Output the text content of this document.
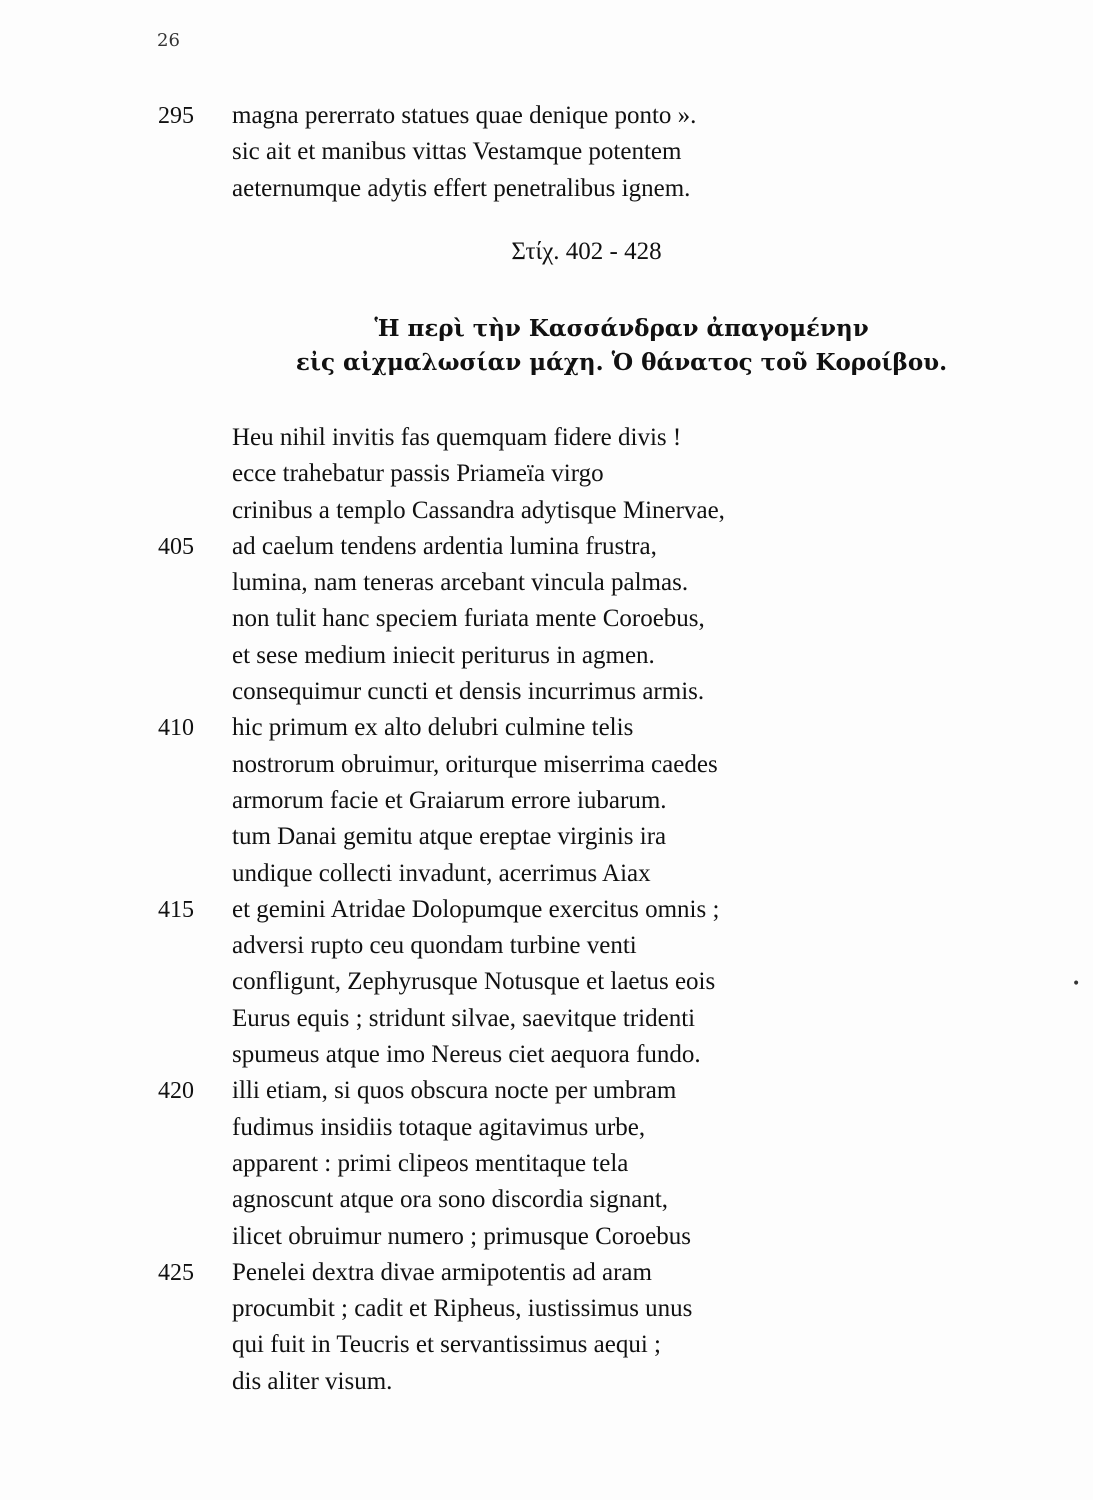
26
295	magna pererrato statues quae denique ponto ».
sic ait et manibus vittas Vestamque potentem
aeternumque adytis effert penetralibus ignem.
Στίχ. 402 - 428
Ἡ περὶ τὴν Κασσάνδραν ἀπαγομένην
εἰς αἰχμαλωσίαν μάχη. Ὁ θάνατος τοῦ Κοροίβου.
Heu nihil invitis fas quemquam fidere divis !
ecce trahebatur passis Priameïa virgo
crinibus a templo Cassandra adytisque Minervae,
405	ad caelum tendens ardentia lumina frustra,
lumina, nam teneras arcebant vincula palmas.
non tulit hanc speciem furiata mente Coroebus,
et sese medium iniecit periturus in agmen.
consequimur cuncti et densis incurrimus armis.
410	hic primum ex alto delubri culmine telis
nostrorum obruimur, oriturque miserrima caedes
armorum facie et Graiarum errore iubarum.
tum Danai gemitu atque ereptae virginis ira
undique collecti invadunt, acerrimus Aiax
415	et gemini Atridae Dolopumque exercitus omnis ;
adversi rupto ceu quondam turbine venti
confligunt, Zephyrusque Notusque et laetus eois
Eurus equis ; stridunt silvae, saevitque tridenti
spumeus atque imo Nereus ciet aequora fundo.
420	illi etiam, si quos obscura nocte per umbram
fudimus insidiis totaque agitavimus urbe,
apparent : primi clipeos mentitaque tela
agnoscunt atque ora sono discordia signant,
ilicet obruimur numero ; primusque Coroebus
425	Penelei dextra divae armipotentis ad aram
procumbit ; cadit et Ripheus, iustissimus unus
qui fuit in Teucris et servantissimus aequi ;
dis aliter visum.
•
